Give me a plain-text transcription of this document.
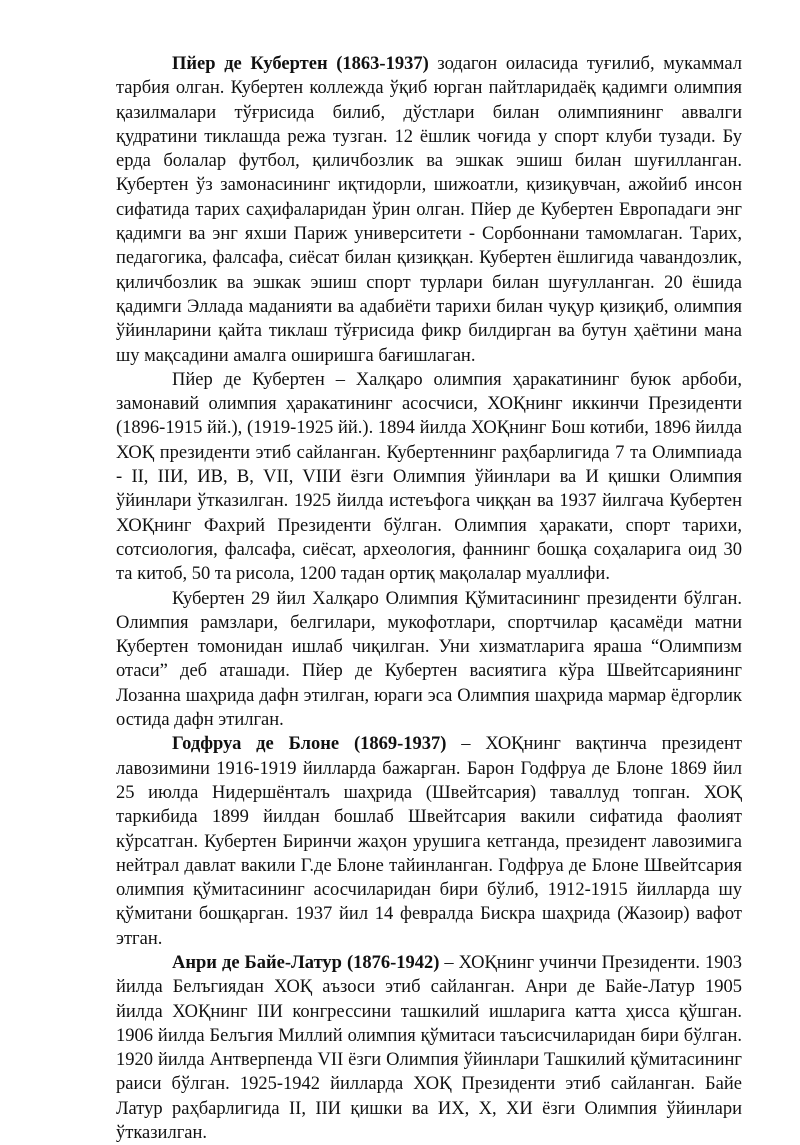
Пйер де Кубертен (1863-1937) зодагон оиласида туғилиб, мукаммал тарбия олган. Кубертен коллежда ўқиб юрган пайтларидаёқ қадимги олимпия қазилмалари тўғрисида билиб, дўстлари билан олимпиянинг аввалги қудратини тиклашда режа тузган. 12 ёшлик чоғида у спорт клуби тузади. Бу ерда болалар футбол, қиличбозлик ва эшкак эшиш билан шуғилланган. Кубертен ўз замонасининг иқтидорли, шижоатли, қизиқувчан, ажойиб инсон сифатида тарих саҳифаларидан ўрин олган. Пйер де Кубертен Европадаги энг қадимги ва энг яхши Париж университети - Сорбоннани тамомлаган. Тарих, педагогика, фалсафа, сиёсат билан қизиққан. Кубертен ёшлигида чавандозлик, қиличбозлик ва эшкак эшиш спорт турлари билан шуғулланган. 20 ёшида қадимги Эллада маданияти ва адабиёти тарихи билан чуқур қизиқиб, олимпия ўйинларини қайта тиклаш тўғрисида фикр билдирган ва бутун ҳаётини мана шу мақсадини амалга оширишга бағишлаган.

Пйер де Кубертен – Халқаро олимпия ҳаракатининг буюк арбоби, замонавий олимпия ҳаракатининг асосчиси, ХОҚнинг иккинчи Президенти (1896-1915 йй.), (1919-1925 йй.). 1894 йилда ХОҚнинг Бош котиби, 1896 йилда ХОҚ президенти этиб сайланган. Кубертеннинг раҳбарлигида 7 та Олимпиада - II, IIИ, ИВ, В, VII, VIIИ ёзги Олимпия ўйинлари ва И қишки Олимпия ўйинлари ўтказилган. 1925 йилда истеъфога чиққан ва 1937 йилгача Кубертен ХОҚнинг Фахрий Президенти бўлган. Олимпия ҳаракати, спорт тарихи, сотсиология, фалсафа, сиёсат, археология, фаннинг бошқа соҳаларига оид 30 та китоб, 50 та рисола, 1200 тадан ортиқ мақолалар муаллифи.

Кубертен 29 йил Халқаро Олимпия Қўмитасининг президенти бўлган. Олимпия рамзлари, белгилари, мукофотлари, спортчилар қасамёди матни Кубертен томонидан ишлаб чиқилган. Уни хизматларига яраша “Олимпизм отаси” деб аташади. Пйер де Кубертен васиятига кўра Швейтсариянинг Лозанна шаҳрида дафн этилган, юраги эса Олимпия шаҳрида мармар ёдгорлик остида дафн этилган.

Годфруа де Блоне (1869-1937) – ХОҚнинг вақтинча президент лавозимини 1916-1919 йилларда бажарган. Барон Годфруа де Блоне 1869 йил 25 июлда Нидершёнталъ шаҳрида (Швейтсария) таваллуд топган. ХОҚ таркибида 1899 йилдан бошлаб Швейтсария вакили сифатида фаолият кўрсатган. Кубертен Биринчи жаҳон урушига кетганда, президент лавозимига нейтрал давлат вакили Г.де Блоне тайинланган. Годфруа де Блоне Швейтсария олимпия қўмитасининг асосчиларидан бири бўлиб, 1912-1915 йилларда шу қўмитани бошқарган. 1937 йил 14 февралда Бискра шаҳрида (Жазоир) вафот этган.

Анри де Байе-Латур (1876-1942) – ХОҚнинг учинчи Президенти. 1903 йилда Белъгиядан ХОҚ аъзоси этиб сайланган. Анри де Байе-Латур 1905 йилда ХОҚнинг IIИ конгрессини ташкилий ишларига катта ҳисса қўшган. 1906 йилда Белъгия Миллий олимпия қўмитаси таъсисчиларидан бири бўлган. 1920 йилда Антверпенда VII ёзги Олимпия ўйинлари Ташкилий қўмитасининг раиси бўлган. 1925-1942 йилларда ХОҚ Президенти этиб сайланган. Байе Латур раҳбарлигида II, IIИ қишки ва ИХ, Х, ХИ ёзги Олимпия ўйинлари ўтказилган.
